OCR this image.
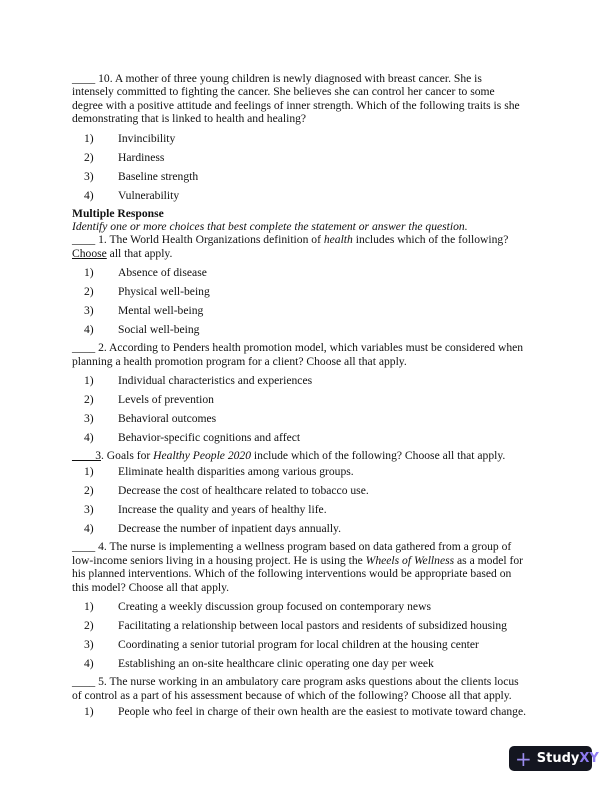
____ 10. A mother of three young children is newly diagnosed with breast cancer. She is
intensely committed to fighting the cancer. She believes she can control her cancer to some
degree with a positive attitude and feelings of inner strength. Which of the following traits is she
demonstrating that is linked to health and healing?
1)	Invincibility
2)	Hardiness
3)	Baseline strength
4)	Vulnerability
Multiple Response
Identify one or more choices that best complete the statement or answer the question.
____ 1. The World Health Organizations definition of health includes which of the following?
Choose all that apply.
1)	Absence of disease
2)	Physical well-being
3)	Mental well-being
4)	Social well-being
____ 2. According to Penders health promotion model, which variables must be considered when
planning a health promotion program for a client? Choose all that apply.
1)	Individual characteristics and experiences
2)	Levels of prevention
3)	Behavioral outcomes
4)	Behavior-specific cognitions and affect
____3. Goals for Healthy People 2020 include which of the following? Choose all that apply.
1)	Eliminate health disparities among various groups.
2)	Decrease the cost of healthcare related to tobacco use.
3)	Increase the quality and years of healthy life.
4)	Decrease the number of inpatient days annually.
____ 4. The nurse is implementing a wellness program based on data gathered from a group of
low-income seniors living in a housing project. He is using the Wheels of Wellness as a model for
his planned interventions. Which of the following interventions would be appropriate based on
this model? Choose all that apply.
1)	Creating a weekly discussion group focused on contemporary news
2)	Facilitating a relationship between local pastors and residents of subsidized housing
3)	Coordinating a senior tutorial program for local children at the housing center
4)	Establishing an on-site healthcare clinic operating one day per week
____ 5. The nurse working in an ambulatory care program asks questions about the clients locus
of control as a part of his assessment because of which of the following? Choose all that apply.
1)	People who feel in charge of their own health are the easiest to motivate toward change.
+ Study XY
